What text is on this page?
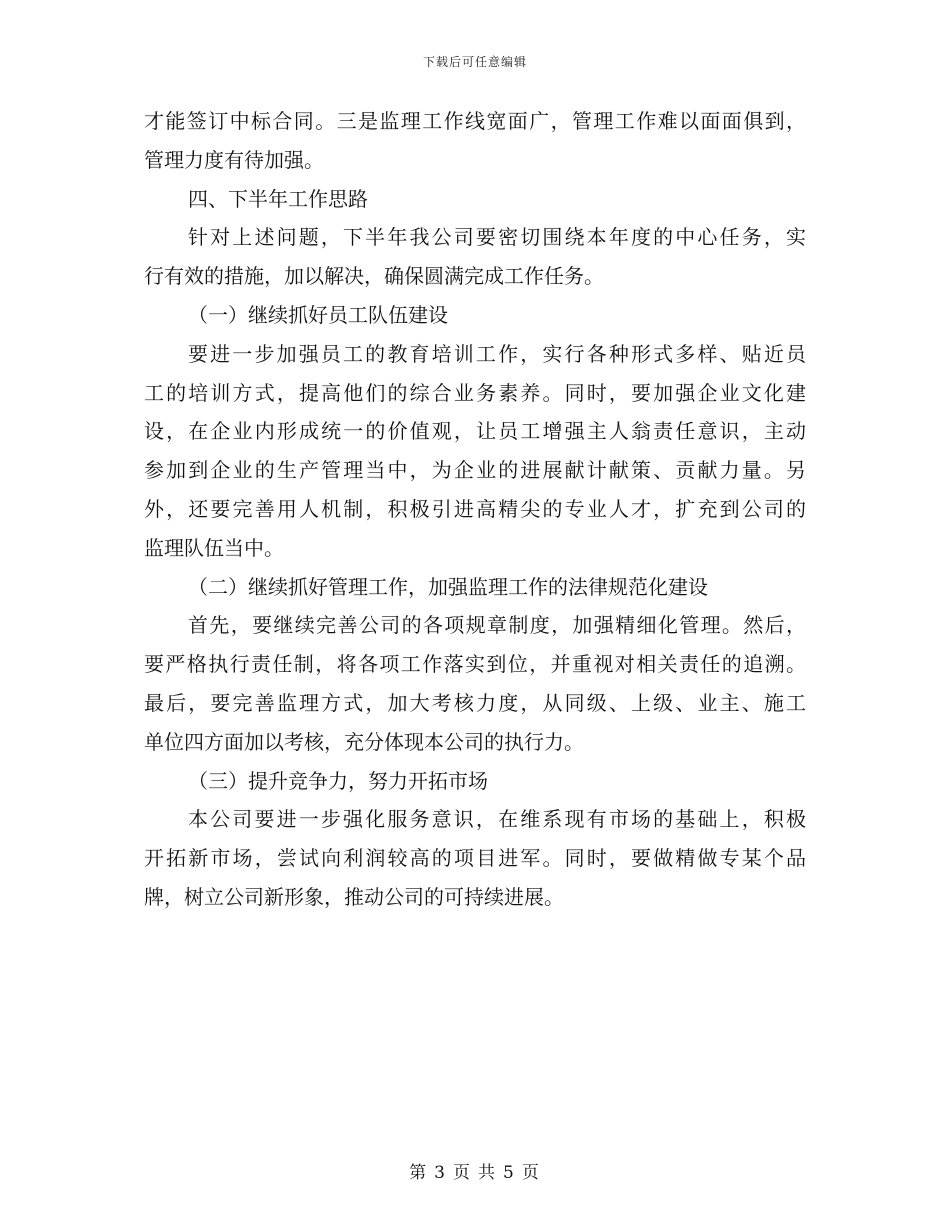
下载后可任意编辑
才能签订中标合同。三是监理工作线宽面广，管理工作难以面面俱到，
管理力度有待加强。
四、下半年工作思路
针对上述问题，下半年我公司要密切围绕本年度的中心任务，实
行有效的措施，加以解决，确保圆满完成工作任务。
（一）继续抓好员工队伍建设
要进一步加强员工的教育培训工作，实行各种形式多样、贴近员
工的培训方式，提高他们的综合业务素养。同时，要加强企业文化建
设，在企业内形成统一的价值观，让员工增强主人翁责任意识，主动
参加到企业的生产管理当中，为企业的进展献计献策、贡献力量。另
外，还要完善用人机制，积极引进高精尖的专业人才，扩充到公司的
监理队伍当中。
（二）继续抓好管理工作，加强监理工作的法律规范化建设
首先，要继续完善公司的各项规章制度，加强精细化管理。然后，
要严格执行责任制，将各项工作落实到位，并重视对相关责任的追溯。
最后，要完善监理方式，加大考核力度，从同级、上级、业主、施工
单位四方面加以考核，充分体现本公司的执行力。
（三）提升竞争力，努力开拓市场
本公司要进一步强化服务意识，在维系现有市场的基础上，积极
开拓新市场，尝试向利润较高的项目进军。同时，要做精做专某个品
牌，树立公司新形象，推动公司的可持续进展。
第 3 页 共 5 页
